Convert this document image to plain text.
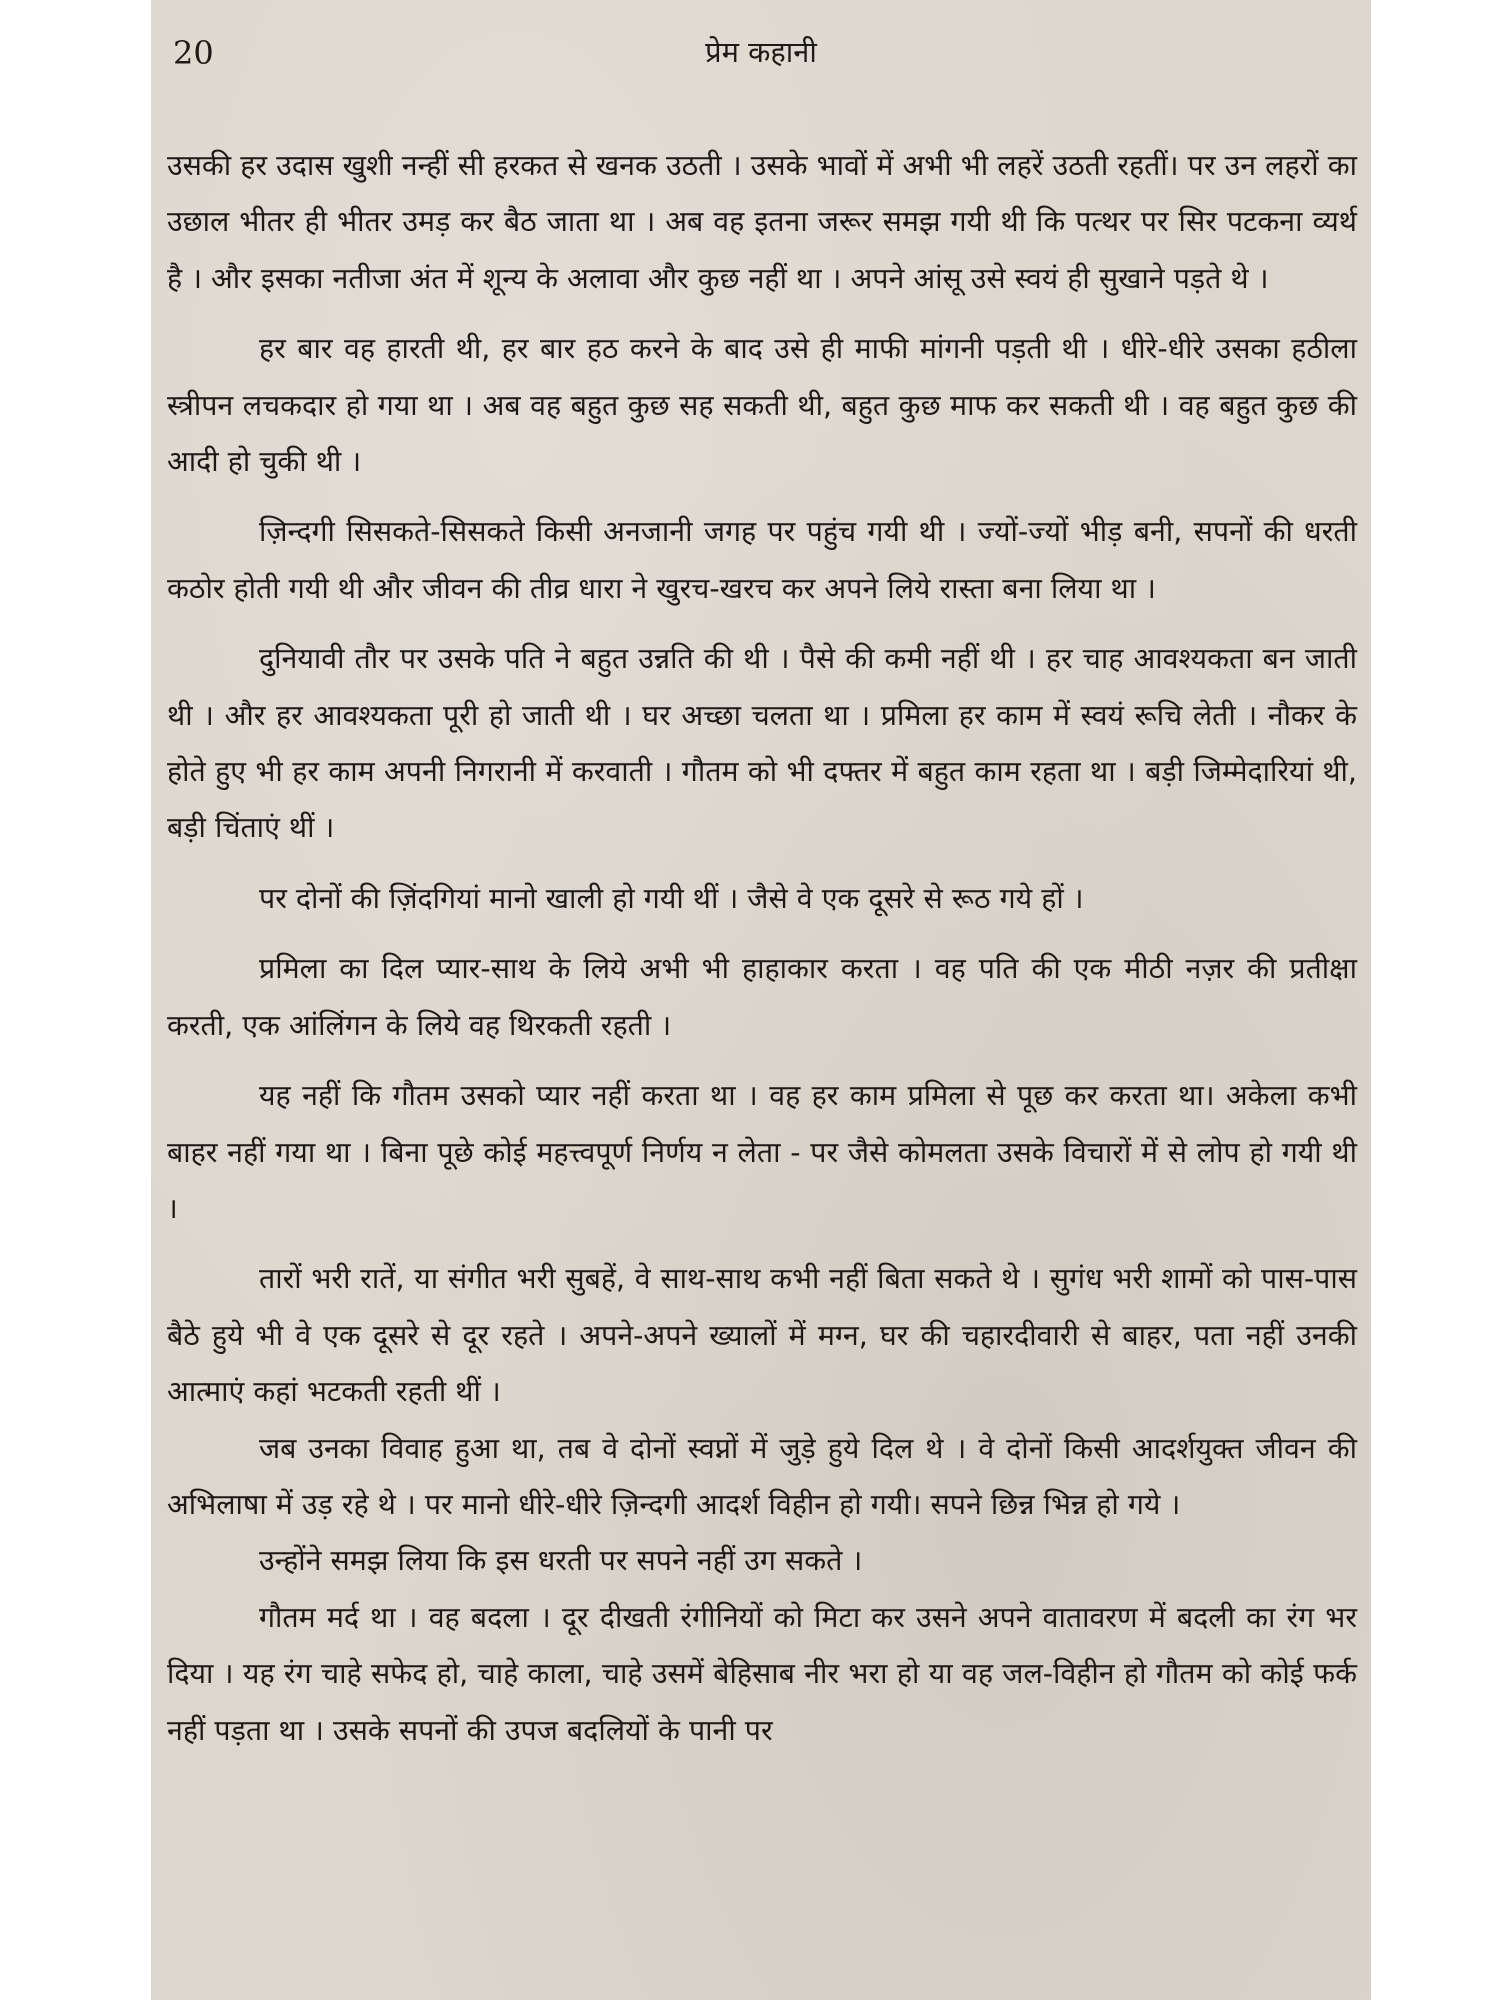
20	प्रेम कहानी

उसकी हर उदास खुशी नन्हीं सी हरकत से खनक उठती । उसके भावों में अभी भी लहरें उठती रहतीं। पर उन लहरों का उछाल भीतर ही भीतर उमड़ कर बैठ जाता था । अब वह इतना जरूर समझ गयी थी कि पत्थर पर सिर पटकना व्यर्थ है । और इसका नतीजा अंत में शून्य के अलावा और कुछ नहीं था । अपने आंसू उसे स्वयं ही सुखाने पड़ते थे ।

हर बार वह हारती थी, हर बार हठ करने के बाद उसे ही माफी मांगनी पड़ती थी । धीरे-धीरे उसका हठीला स्त्रीपन लचकदार हो गया था । अब वह बहुत कुछ सह सकती थी, बहुत कुछ माफ कर सकती थी । वह बहुत कुछ की आदी हो चुकी थी ।

ज़िन्दगी सिसकते-सिसकते किसी अनजानी जगह पर पहुंच गयी थी । ज्यों-ज्यों भीड़ बनी, सपनों की धरती कठोर होती गयी थी और जीवन की तीव्र धारा ने खुरच-खरच कर अपने लिये रास्ता बना लिया था ।

दुनियावी तौर पर उसके पति ने बहुत उन्नति की थी । पैसे की कमी नहीं थी । हर चाह आवश्यकता बन जाती थी । और हर आवश्यकता पूरी हो जाती थी । घर अच्छा चलता था । प्रमिला हर काम में स्वयं रूचि लेती । नौकर के होते हुए भी हर काम अपनी निगरानी में करवाती । गौतम को भी दफ्तर में बहुत काम रहता था । बड़ी जिम्मेदारियां थी, बड़ी चिंताएं थीं ।

पर दोनों की ज़िंदगियां मानो खाली हो गयी थीं । जैसे वे एक दूसरे से रूठ गये हों ।

प्रमिला का दिल प्यार-साथ के लिये अभी भी हाहाकार करता । वह पति की एक मीठी नज़र की प्रतीक्षा करती, एक आंलिंगन के लिये वह थिरकती रहती ।

यह नहीं कि गौतम उसको प्यार नहीं करता था । वह हर काम प्रमिला से पूछ कर करता था। अकेला कभी बाहर नहीं गया था । बिना पूछे कोई महत्त्वपूर्ण निर्णय न लेता - पर जैसे कोमलता उसके विचारों में से लोप हो गयी थी ।

तारों भरी रातें, या संगीत भरी सुबहें, वे साथ-साथ कभी नहीं बिता सकते थे । सुगंध भरी शामों को पास-पास बैठे हुये भी वे एक दूसरे से दूर रहते । अपने-अपने ख्यालों में मग्न, घर की चहारदीवारी से बाहर, पता नहीं उनकी आत्माएं कहां भटकती रहती थीं ।

जब उनका विवाह हुआ था, तब वे दोनों स्वप्नों में जुड़े हुये दिल थे । वे दोनों किसी आदर्शयुक्त जीवन की अभिलाषा में उड़ रहे थे । पर मानो धीरे-धीरे ज़िन्दगी आदर्श विहीन हो गयी। सपने छिन्न भिन्न हो गये ।

उन्होंने समझ लिया कि इस धरती पर सपने नहीं उग सकते ।

गौतम मर्द था । वह बदला । दूर दीखती रंगीनियों को मिटा कर उसने अपने वातावरण में बदली का रंग भर दिया । यह रंग चाहे सफेद हो, चाहे काला, चाहे उसमें बेहिसाब नीर भरा हो या वह जल-विहीन हो गौतम को कोई फर्क नहीं पड़ता था । उसके सपनों की उपज बदलियों के पानी पर
